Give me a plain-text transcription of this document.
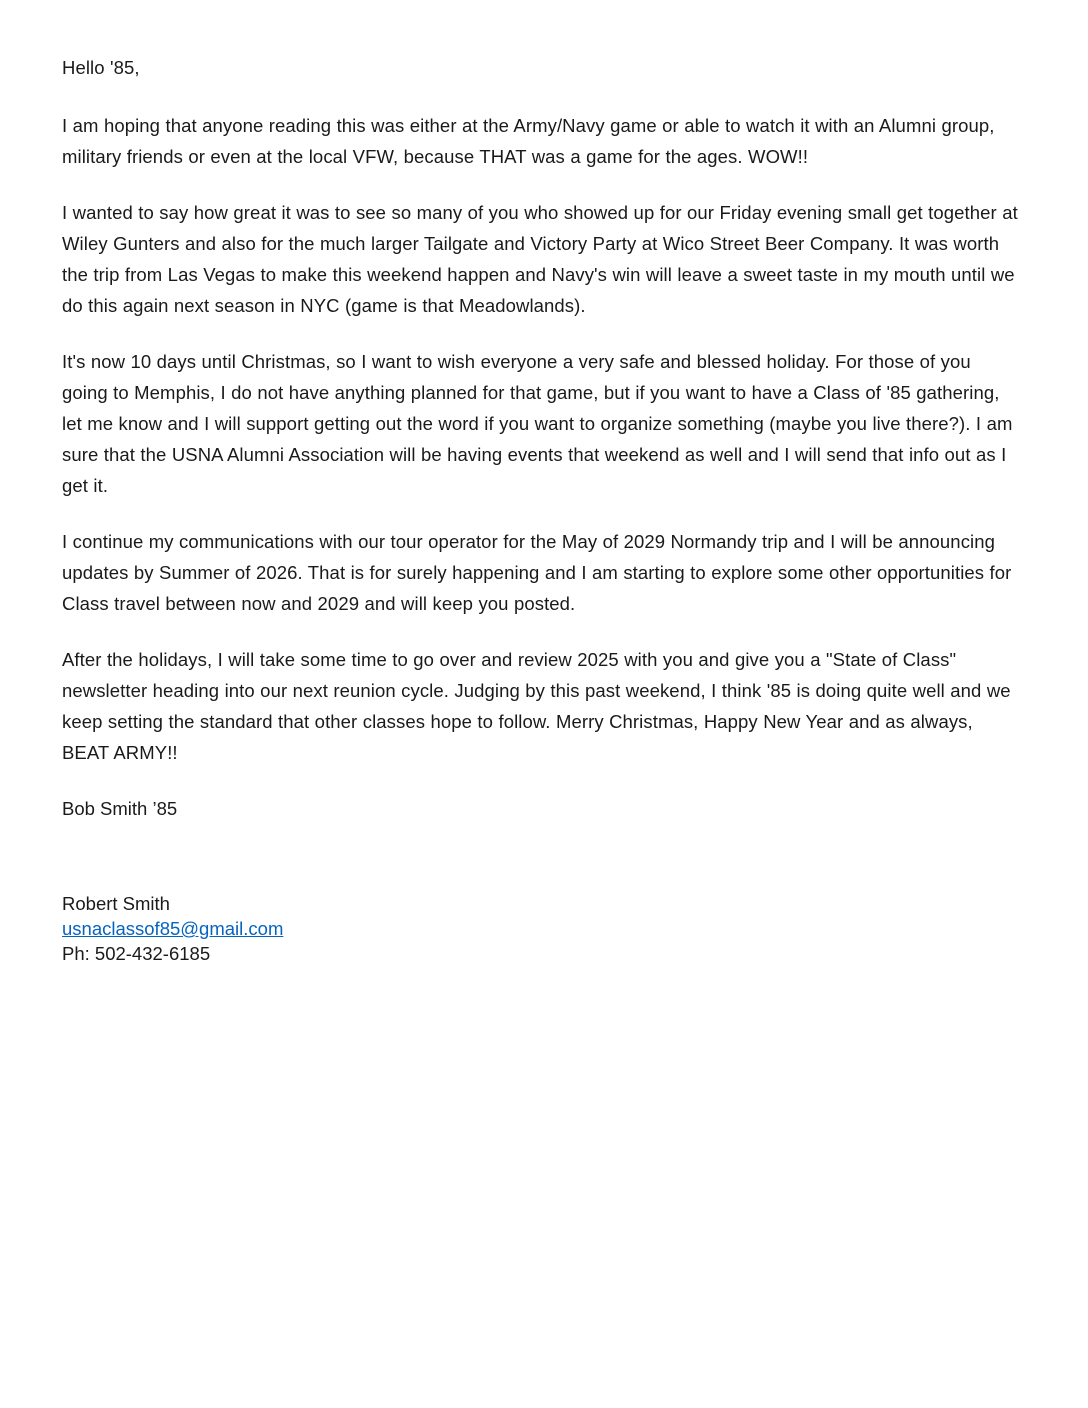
Hello '85,

I am hoping that anyone reading this was either at the Army/Navy game or able to watch it with an Alumni group, military friends or even at the local VFW, because THAT was a game for the ages. WOW!!

I wanted to say how great it was to see so many of you who showed up for our Friday evening small get together at Wiley Gunters and also for the much larger Tailgate and Victory Party at Wico Street Beer Company. It was worth the trip from Las Vegas to make this weekend happen and Navy's win will leave a sweet taste in my mouth until we do this again next season in NYC (game is that Meadowlands).

It's now 10 days until Christmas, so I want to wish everyone a very safe and blessed holiday. For those of you going to Memphis, I do not have anything planned for that game, but if you want to have a Class of '85 gathering, let me know and I will support getting out the word if you want to organize something (maybe you live there?). I am sure that the USNA Alumni Association will be having events that weekend as well and I will send that info out as I get it.

I continue my communications with our tour operator for the May of 2029 Normandy trip and I will be announcing updates by Summer of 2026. That is for surely happening and I am starting to explore some other opportunities for Class travel between now and 2029 and will keep you posted.

After the holidays, I will take some time to go over and review 2025 with you and give you a "State of Class" newsletter heading into our next reunion cycle. Judging by this past weekend, I think '85 is doing quite well and we keep setting the standard that other classes hope to follow. Merry Christmas, Happy New Year and as always, BEAT ARMY!!

Bob Smith ’85

Robert Smith
usnaclassof85@gmail.com
Ph: 502-432-6185
